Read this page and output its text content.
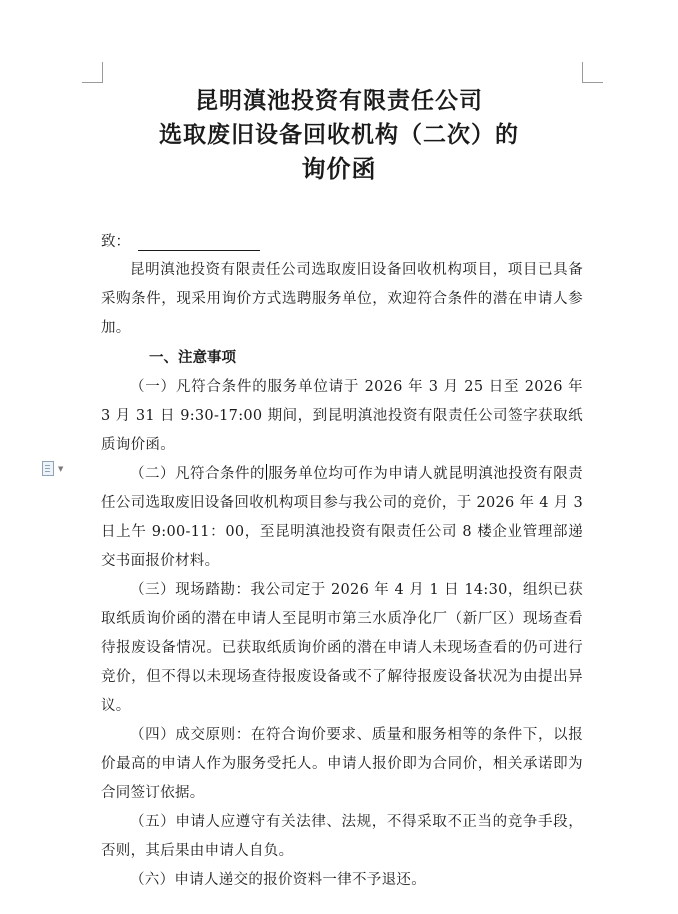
昆明滇池投资有限责任公司
选取废旧设备回收机构（二次）的
询价函
▼
致：

昆明滇池投资有限责任公司选取废旧设备回收机构项目，项目已具备采购条件，现采用询价方式选聘服务单位，欢迎符合条件的潜在申请人参加。

一、注意事项

（一）凡符合条件的服务单位请于 2026 年 3 月 25 日至 2026 年 3 月 31 日 9:30-17:00 期间，到昆明滇池投资有限责任公司签字获取纸质询价函。

（二）凡符合条件的 服务单位均可作为申请人就昆明滇池投资有限责任公司选取废旧设备回收机构项目参与我公司的竞价，于 2026 年 4 月 3 日上午 9:00-11：00，至昆明滇池投资有限责任公司 8 楼企业管理部递交书面报价材料。

（三）现场踏勘：我公司定于 2026 年 4 月 1 日 14:30，组织已获取纸质询价函的潜在申请人至昆明市第三水质净化厂（新厂区）现场查看待报废设备情况。已获取纸质询价函的潜在申请人未现场查看的仍可进行竞价，但不得以未现场查待报废设备或不了解待报废设备状况为由提出异议。

（四）成交原则：在符合询价要求、质量和服务相等的条件下，以报价最高的申请人作为服务受托人。申请人报价即为合同价，相关承诺即为合同签订依据。

（五）申请人应遵守有关法律、法规，不得采取不正当的竞争手段，否则，其后果由申请人自负。

（六）申请人递交的报价资料一律不予退还。
